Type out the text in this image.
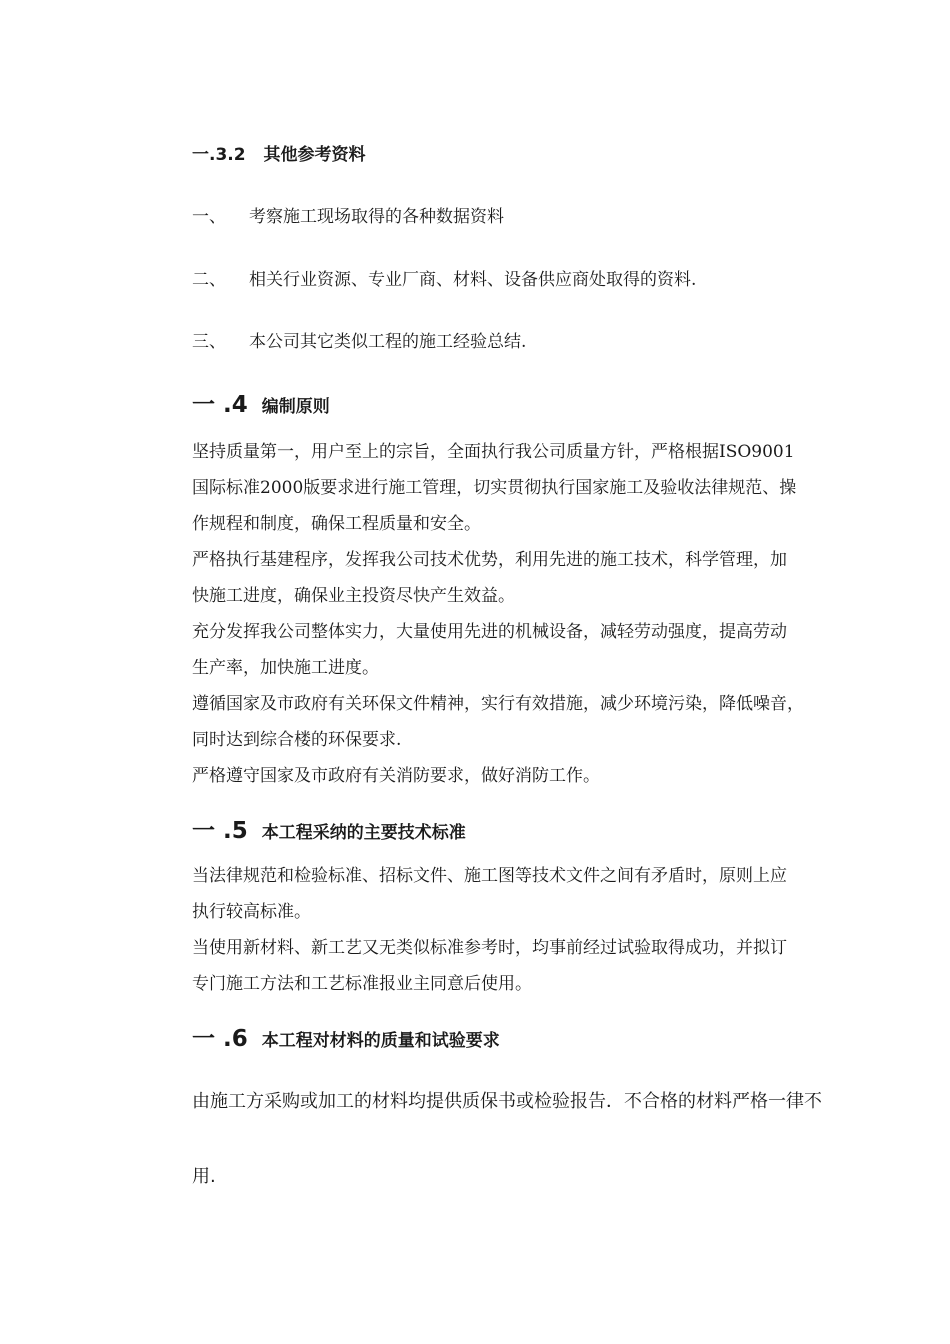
一.3.2 其他参考资料
一、 考察施工现场取得的各种数据资料
二、 相关行业资源、专业厂商、材料、设备供应商处取得的资料.
三、 本公司其它类似工程的施工经验总结.
一 .4 编制原则
坚持质量第一，用户至上的宗旨，全面执行我公司质量方针，严格根据ISO9001
国际标准2000版要求进行施工管理，切实贯彻执行国家施工及验收法律规范、操
作规程和制度，确保工程质量和安全。
严格执行基建程序，发挥我公司技术优势，利用先进的施工技术，科学管理，加
快施工进度，确保业主投资尽快产生效益。
充分发挥我公司整体实力，大量使用先进的机械设备，减轻劳动强度，提高劳动
生产率，加快施工进度。
遵循国家及市政府有关环保文件精神，实行有效措施，减少环境污染，降低噪音，
同时达到综合楼的环保要求.
严格遵守国家及市政府有关消防要求，做好消防工作。
一 .5 本工程采纳的主要技术标准
当法律规范和检验标准、招标文件、施工图等技术文件之间有矛盾时，原则上应
执行较高标准。
当使用新材料、新工艺又无类似标准参考时，均事前经过试验取得成功，并拟订
专门施工方法和工艺标准报业主同意后使用。
一 .6 本工程对材料的质量和试验要求
由施工方采购或加工的材料均提供质保书或检验报告．不合格的材料严格一律不
用.
